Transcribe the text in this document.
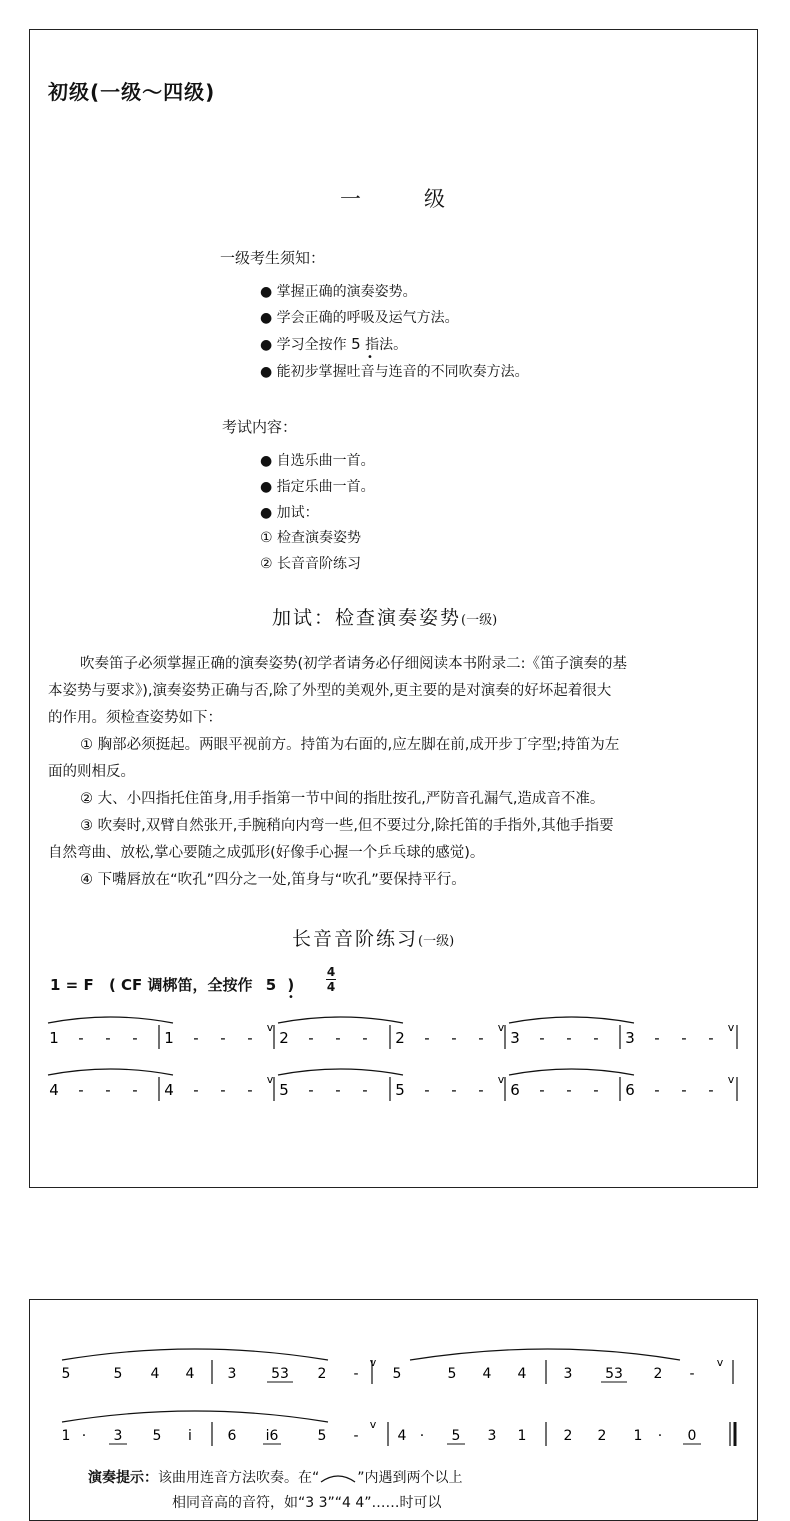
初级(一级～四级)
一　　　级
一级考生须知：
● 掌握正确的演奏姿势。
● 学会正确的呼吸及运气方法。
● 学习全按作 5
•
指法。
● 能初步掌握吐音与连音的不同吹奏方法。
考试内容：
● 自选乐曲一首。
● 指定乐曲一首。
● 加试：
① 检查演奏姿势
② 长音音阶练习
加试：检查演奏姿势(一级)
吹奏笛子必须掌握正确的演奏姿势(初学者请务必仔细阅读本书附录二:《笛子演奏的基
本姿势与要求》),演奏姿势正确与否,除了外型的美观外,更主要的是对演奏的好坏起着很大
的作用。须检查姿势如下：
① 胸部必须挺起。两眼平视前方。持笛为右面的,应左脚在前,成开步丁字型;持笛为左
面的则相反。
② 大、小四指托住笛身,用手指第一节中间的指肚按孔,严防音孔漏气,造成音不准。
③ 吹奏时,双臂自然张开,手腕稍向内弯一些,但不要过分,除托笛的手指外,其他手指要
自然弯曲、放松,掌心要随之成弧形(好像手心握一个乒乓球的感觉)。
④ 下嘴唇放在“吹孔”四分之一处,笛身与“吹孔”要保持平行。
长音音阶练习(一级)
1 = F ( CF 调梆笛，全按作 5 )
•
4
4
1 - - - 1 - - -
v
2 - - - 2 - - -
v
3 - - - 3 - - -
v
4 - - - 4 - - -
v
5 - - - 5 - - -
v
6 - - - 6 - - -
v
5	5 4 4 3 53 2 - 5	5 4 4	3 53 2 -
v	v
1 · 3 5 i	6 i6	5 -	4 · 5 3 1	2 2 1 · 0
v
演奏提示：该曲用连音方法吹奏。在“	”内遇到两个以上
相同音高的音符，如“3 3”“4 4”……时可以
